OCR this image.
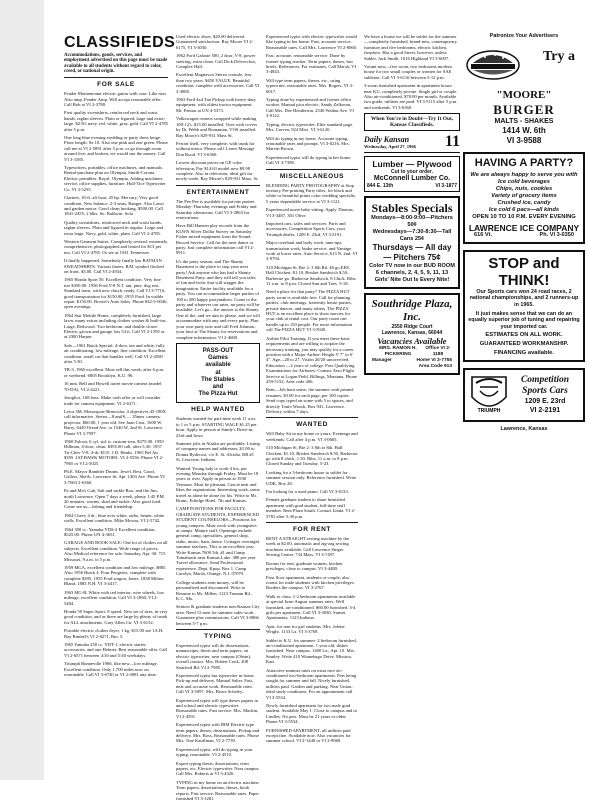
CLASSIFIEDS
Accommodations, goods, services, and employment advertised on this page must be made available to all students without regard to color, creed, or national origin.
FOR SALE
Fender Montemount electric guitar with case. Like new. Also amp. Fender Amp. Will accept reasonable offer. Call Bob at VI 2-3780.
First quality sweatshirts, reinforced neck and waist bands, raglan sleeves. Plain or figured, large and extra-large. $2.50, navy, red, white, gray, gold. Call VI 2-4785 after 5 p.m.
One long blue evening wedding or party dress beige. Floor length. Sz 10. Also one pink and one green. Please call me at VI 2-5891 after 5 p.m. or go through room around five, and broken, we would use the money. Call VI 3-1585.
Typewriters, portables, office machines, and manuals. Rental-purchase plan on Olympia, Smith-Corona. Electric portables. Royal. Olympia. Adding machines, service, office supplies, furniture. Hull-Tice Typewriter Co. VI 3-5255.
Clarinet, 16-ft. aft boat, 45 hp. Mercury, Very good condition, New balance, 2-3 seats, Ranger. Also Lawn and garden motor. Good clean hooking. $500.00. Call 1841-2455, 2 blks. So. Baldwin. Solo.
Quality sweatshirts, reinforced neck and waist bands, raglan sleeves. Plain and figured in regular. Large and extra large. Navy, gold, white, plain. Call VI 2-4785.
Western Garment Suites. Completely revised, extremely comprehensive, photographed and leased for $13 per mo. Call VI 2-4785. Or see at 1941 Tennessee.
If finally happened. Somebody finally has BATMAN SWEATSHIRTS. Various threes. BAT symbol flocked on front. $3.00. Call VI 2-4934.
1965 Honda Sport 50. Excellent condition. Very fine tire $350.00. 1956 Ford V-8 N.T. tan, pine, dog rest. Standard trans. with new clutch, ready. Call VI 3-7716, good transportation for $150.00. 1955 Ford. In visible repair. $150.00. Brown's Auto Sales. Phone 842-5-6046, open evenings.
1964 Star Mobile Home, completely furnished, large lawn, many extras including clothes washer & built-ins. Large, Redwood. Two bedroom, and double closet. Electric grown and garage lots 54 ft. Call VI 2-1595 or at 2300 Harper.
Sale—1961 Buick Special, 4-door, tan and white, fully air conditioning, low mileage, fine condition. Excellent condition, small car that handles well. Call VI 2-4500 after 5:30.
TR-3, 1965 excellent. Must sell this week, after 6 p.m. or weekend. 6805 Brooklyn, K.U. 96.
16 mm. Bell and Howell turret movie camera (model 70-DA). VI 2-4221.
Jeroglics, 168 bass. Make cash offer or will consider trade for camera equipment. VI 2-6371.
Leica 3M, Motorsport-Binocular, 4 objectives 45-180X call informative. Stereo—8 and 6 — 35mm. camera, projector, $60.00, 1 year old. See Juan Cruz, 1600 W. Barry, 6449 Oread Ave. or 1540 W. 2nd St. Lawrence. Phone VI 3-7997.
1960 Falcon, 6 cyl. std. tr. custom-tour. $375.00. 1959 Hillman, 4-door, clean. $395.00 call, after 5:30. 1957 Tri-Chev V-8, 4-dr. $115. J.D. Henks. 1965 Bel Air. $395. JAYHAWK MOTORS. VI 2-5556. Phone VI 2-7965 or VI 2-5025.
Ph.E. Mayor Rambler Drums. Jewel, Best. Good, Gallers, Sheils. Lawrence fit, Apt. 1403 Ave. Phone VI 3-7063 2-6360.
Pa and Ma's Cub, Salt and tackle Box, and the Jim, north Lawrence. Open 7 days a week, plenty 1:45 P.M. 20 minutes, worms, shad and tackle. Also good food. Come see us—fishing and friendship.
1964 Chevy 4 dr., blue over white, radio, heater, white walls. Excellent condition. Mike Mowat, VI 2-5742.
1964 300 cc. Yamaha YDS-2 Excellent condition, $525.00. Phone UN 4-3651.
GARAGE AND BOOK SALE: One lot of clothes on all subjects. Excellent condition. Wide range of prices. Also Medical reference for sale. Saturday, Apr. 30: 715 Missouri, 9 a.m. to 5 p.m.
1959 MGA, excellent condition and low mileage. $885. Also 1956 Buick 4. Four Peugeots, complete with complete $395. 1955 Ford wagon, Jones. 1838 Milton Bland. 1883 N.H. VI 3-4417.
1963 MG-B, White with red interior, wire wheels, low mileage, excellent condition. Call VI 3-1860, VI 2-5484.
Honda 50 Super Sport, 8 speed. New set of tires, in very good condition, and as there are large by plenty of trunk for ALL attachments. Gary Allen Ctr. VI 3-6152.
Portable electric clothes dryer, 1 kg. $15.00 see 1A.H. Ray Rimbel's VI 2-8271, Rm. 5.
1965 Yamaha 250 cc. YDT-1, electric starter, accessories, and one Helmet. Best reasonable offer. Call VI 2-6571 between 4:30 and 5:30 weekdays.
Triumph Bonneville 1966, like new—low mileage. Excellent condition. Only 1,700 miles now on reasonable. Call VI 3-6740 or VI 2-4981 any time.
Used electric dryer, $20.00 delivered. Guaranteed satisfaction. Ray Moore VI 2-6175, VI 3-3030.
1962 Ford Galaxie 500, 2 door, V-8, power steering, extra clean. Call Dick Delvecchio, Complex Hall.
Excellent Magnavox Stereo console, less than two years. $450 VALUE. Beautiful condition, complete with accessories. Call VI 3-3885.
1963 Ford 4x4 Tan Pickup with heavy-duty equipment, with oldest tractor equipment. Mr. Fenton at UN 4-5373.
Volkswagen owners swapped while making 100-12's. $15.00 installed. Tires with covers by Dr. Webb and Romanian. VOS installed. Ray Moore's 829-931 Mass St.
Ferrari shell, very complete, with trunk far without motor. Please call. Leave Message Don Rood. VI 3-6360.
Lowest discount prices on GE color television, Pay $14.63 model now $9.98 complete. Also in television, ideal gift for newly-weds. Ray Moore's 829-931 Mass. St.
ENTERTAINMENT
The Pee Pee is available for private parties Monday-Thursday evenings and Friday and Saturday afternoons. Call VI 3-2863 for reservations.
Have Bill Hansen play records from the KLWN Silver Dollar Survey on Saturday Fisher mixed equipment from the Sound Record Service. Call for the next dance or party. Just complete information call VI 2-9911.
It's the party season, and The Shanty Basement is the place to stop your next party! Ask anyone who has had a Shanty Basement Party, and they will tell you tales of fun and frolic that will stagger the imagination. Entire facility available for a party. You can accommodate larger parties of 100 to 200 happy partymakers. Come to the party and whatever our rates, no party will be available. Let's go—the answer is the Shanty. One of the, and we aim to please, and we will accommodate with any and every party. Plan your own party now and call Fred Johnson, your host at The Shanty for reservations and complete information: VI 2-4680.
PASS-OUT
Games
available
at
The Stables
and
The Pizza Hut
HELP WANTED
Students wanted for part-time work 11 a.m. to 1 or 5 p.m. STARTING WAGE $1.25 per hour. Apply in person at Sandy's Drive-in, 23rd and Iowa.
Summer jobs in Alaska are profitable. Listing of company names and addresses, $1.00 to Donna Rydecost, c/o E. St. Alcidia, RR #1 St. Leorvine, Indiana.
Wanted: Young lady to work 4 hrs. per evening Monday through Friday. Must be 18 years or over. Apply in person at 1930 Vermont. Must be pleasant, Gracie neat and likes the organisation. Interesting work, some travel as alone be alone for his. Write to Mr. Brunc, Edridge Hotel, 7th and Kansas.
CAMP POSITIONS FOR FACULTY, GRADUATE STUDENTS, EXPERIENCED STUDENT COUNSELORS—Positions for young campers. Must work with youngsters at camps. Mature staff. Openings include general camp, specialties, general shop, radio, music, ham, dance. Cottages overnight summer teachers. This is an excellent year. Write Kansas 7600 5th, #1 and Camp Tomahawk near Kansas Lake. 380 per year Travel allowance. Send Professional experience. Dept. Kpop. Box 1. Camp Carolyn, Marsh, Orange, N.J. 07079.
College students earn money, will be personalized and discounted. Write to Resume to Mr. Millen, 1123 Truman Rd., K.C. Mo.
Seniors & graduate students non-Kansas City area. Need 15 men for summer sales work. Guarantee plus commissions. Call VI 3-0866 between 5-7 p.m.
TYPING
Experienced typist will do dissertations, manuscripts, thesis and term papers, on electric typewriter, near campus (Olean), overall contact. Mrs. Robert Cook, 208 Stratford Rd. VI 2-7985.
Experienced typist has typewriter in home. Pick-up and delivery. Manual Salter. Fast, neat and accurate work. Reasonable rates. Call VI 3-5097. Mrs. Bruce Scheley.
Experienced typist will type theses papers in and school and electric typewriter. Reasonable rates. Fast service. Mrs. Mackin, VI 2-4591.
Experienced typist with IBM Electric type term papers, theses, dissertations. Pickup and delivery. Mrs. Ross, Reasonable rates. Phone Mrs. Tine Kauffman, VI 2-7739.
Experienced typist, will do typing in your typing, reasonable. VI 2-4510.
Expert typing thesis, dissertations, term papers, etc. Electric typewriter. Near campus. Call Mrs. Roberts at VI 3-4320.
TYPING in my home on an electric machine. Term papers, dissertations, theses, book reports. Fast service. Reasonable rates. Paper furnished VI 3-1281.
Experienced typist with electric typewriter would like typing in her home. Fast, accurate service. Reasonable rates. Call Mrs. Lawrence VI 2-8060.
Fast, accurate, reasonable service. Done by former typing teacher. Term papers, theses, last briefs. References. For estimates, Call Marsh, VI 3-4843.
Will type term papers, theses, etc., using typewriter, reasonable rates. Mrs. Rogers, VI 3-6017.
Typing done by experienced and former office worker, Manual pica electric, Sandy Zelkoom, Call Mrs. Dee Henderson, 2540 Walnut Ave. VI 3-0122.
Typing, electric typewriter, Elite standard page. Mrs. Craven, 924 Miss. VI 3-6120.
Will do typing in my home. Accurate typing, reasonable rates and prompt. VI 3-0216, Mrs. Marvin Brown.
Experienced typist will do typing in her home. Call VI 3-7398.
MISCELLANEOUS
BLENDING PARTY PHOTOGRAPHY at Stop territory Pre-printing Party titles, for black and white or beautiful prints color wedding specialty. 5 years dependable service at VI 3-1121.
Experienced nurse baby-sitting. Apply Thomas, VI 3-3487, 301 Olive.
Imported cars, sales and services. Parts and accessories, Competition Sports Cars, your Triumph dealer, 1209 E. 23rd, VI 3-2191.
Major overhaul and body work, tune-ups, transmission work, brake service, and Vantage work at lower rates, Auto Service, 613 N. 2nd. VI 3-9794.
310 Michigan St. Rte 2: 3 8th Rd. 40 go EE8, Hall Chicken, $1.10. Brisket Sandwich $.50, Barbecue go. Barbecue Sandwich, 8 Chick. Ribs. 11 a.m. to 8 p.m. Closed Sun and Tues. 5-18.
Need a place for that party? The PIZZA HUT party room is available free. Call for planning parties, club meetings, fraternity house parties, private dances, and many others. The PIZZA HUT is an excellent place to show movies for your club at rental cost. Our party room can handle up to 150 people. For more information call The PIZZA HUT VI 3-5920.
Airline Pilot Training. If you meet these basic requirements and are willing to acquire the necessary training, you may qualify for a career position with a Major Airline: Height 5' 7" to 6' 4". Age—20 to 27. Vision 20/20 uncorrected. Education —2 years of college. Pass Qualifying Examinations for Airbuses: Contact Aero Flight Service at Logan Field, Billings, Montana, Phone 259-5152, Area code 406.
Rent—Job hunt sense, the summer with printed resumes, $3.00 for each page, per 100 copies. Send copy typed on some with 5 to spaces, and directly Tonio Woods, Box 941, Lawrence. Delivery within 7 days.
WANTED
Will Baby Sit in my home or yours. Evenings and weekends. Call after 4 p.m. VI 3-0665.
510 Michigan St. Rte 2: 3 8th to 8th. Hall Chicken, $1.10, Brisket Sandwich $.50, Barbecue go with 8 chick, 1.50. Ribs, 11 a.m. to 8 p.m. Closed Sunday and Tuesday. 5-23.
Looking for a 3-bedroom house to sublet for summer session only. Reference furnished. Write UDK, Box 28.
I'm looking for a used piano. Call VI 3-6133.
Female graduate student to share furnished apartment with grad student, full-time staff member. Rent Plaza South. Contact Linda. VI 2-5781 after 5:30 p.m.
FOR RENT
RENT A STRAIGHT sewing machine by the week at $2.00, automatic and zig-zag sewing machines available. Call Lawrence Singer Sewing Center, 734 Mass. VI 3-7497.
Rooms for rent, graduate women, kitchen privileges, close to campus. VI 3-4480.
First floor apartment, students or couple, also rooms for male students with kitchen privileges. Borders the campus. VI 3-2767.
Walk to class: 1-2 bedroom apartments available at special June-August summer rates. Well furnished, air-conditioned. $60.00 furnished. 3-4 girls per apartment. Call VI 3-3030, Sunset Apartments, 1123 Indiana.
Apts. for rent for girl students. Mrs. Jolene Wright. 1133 La. VI 3-3769.
Sublet to K.U. for summer: 2 bedroom furnished, air-conditioned apartment, 1 year old, dishes furnished. Near campus. 1400 La., Apt. 10. Mrs. Stanley. Write 410 Winnebago Drive, Mission, Kan.
Attractive summer rates on extra nice air-conditioned two-bedroom apartments. Pets being sought for summer and fall. Nicely furnished, utilities paid. Garden and parking. Near Union, ideal study conditions. For an appointment call VI 3-5534.
Newly furnished apartment for two male grad student. Available May 1. Close to campus and to Lindley. No pets. Must be 21 years or older. Phone VI 3-5534.
FURNISHED APARTMENT, all utilities paid except fine. Available now. Also vacancies for summer school. VI 2-1440 or VI 2-9060.
We have a house we will be sublet for the summer—completely furnished, brand-new, contemporary furniture and five bedrooms, electric kitchen, fireplace. Has a good Street, however, unless Sublet, Jack Smith, 1016 Highland VI 3-6007.
Vacant now—five room, two bedrooms modern house for two small couples or women for SAE sublease. Call VI 3-6116 between 5-12 p.m.
3-room furnished apartment in apartment house near KU, completely private. Single girl or couple. Also air-conditioned, $70.00 per month. Available two grade, utilities are paid. VI 3-5115 after 5 p.m. and weekends. VI 3-6360.
When You're in Doubt—Try It Out, Kansas Classifieds.
Daily Kansan
Wednesday, April 27, 1966	11
Lumber — Plywood
Cut to your order.
McConnell Lumber Co.
844 E. 13th	VI 3-1877
Stables Specials
Mondays—8:00-9:00—Pitchers 50¢
Wednesdays—7:30-8:30—Tall Cans 25¢
Thursdays — All day — Pitchers 75¢
Color TV now in our BUD ROOM
6 channels, 2, 4, 5, 9, 11, 13
Girls' Nite Out Is Every Nite!
Southridge Plaza, Inc.
2550 Ridge Court
Lawrence, Kansas, 66044
Vacancies Available
MRS. RAMON H. PICKERING
Office VI 2-1188
Manager	Home VI 3-7755
Area Code 913
Patronize Your Advertisers
Try a
"MOORE"
BURGER
MALTS - SHAKES
1414 W. 6th
VI 3-9588
HAVING A PARTY?
We are always happy to serve you with
Ice cold beverages
Chips, nuts, cookies
Variety of grocery items
Crushed ice, candy
Ice cold 6 pacs—all kinds
OPEN 10 TO 10 P.M. EVERY EVENING
LAWRENCE ICE COMPANY
616 Vt.	Ph. VI 3-0350
STOP and THINK!
Our Sports cars won 24 road races, 2 national championships, and 2 runners-up in 1965.
It just makes sense that we can do an equally superior job of tuning and repairing your imported car.
ESTIMATES ON ALL WORK.
GUARANTEED WORKMANSHIP.
FINANCING available.
TRIUMPH
Competition
Sports Cars
1209 E. 23rd
VI 2-2191
Lawrence, Kansas
